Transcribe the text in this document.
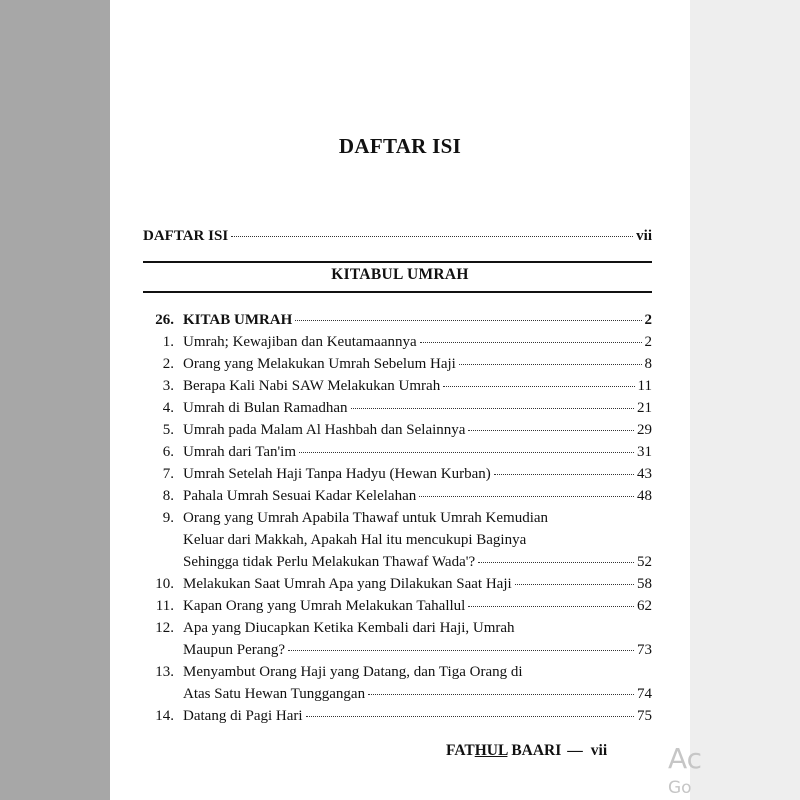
DAFTAR ISI
DAFTAR ISI	vii
KITABUL UMRAH
26. KITAB UMRAH	2
1. Umrah; Kewajiban dan Keutamaannya	2
2. Orang yang Melakukan Umrah Sebelum Haji	8
3. Berapa Kali Nabi SAW Melakukan Umrah	11
4. Umrah di Bulan Ramadhan	21
5. Umrah pada Malam Al Hashbah dan Selainnya	29
6. Umrah dari Tan'im	31
7. Umrah Setelah Haji Tanpa Hadyu (Hewan Kurban)	43
8. Pahala Umrah Sesuai Kadar Kelelahan	48
9. Orang yang Umrah Apabila Thawaf untuk Umrah Kemudian
Keluar dari Makkah, Apakah Hal itu mencukupi Baginya
Sehingga tidak Perlu Melakukan Thawaf Wada'?	52
10. Melakukan Saat Umrah Apa yang Dilakukan Saat Haji	58
11. Kapan Orang yang Umrah Melakukan Tahallul	62
12. Apa yang Diucapkan Ketika Kembali dari Haji, Umrah
Maupun Perang?	73
13. Menyambut Orang Haji yang Datang, dan Tiga Orang di
Atas Satu Hewan Tunggangan	74
14. Datang di Pagi Hari	75
FATHUL BAARI — vii Ac
Go
